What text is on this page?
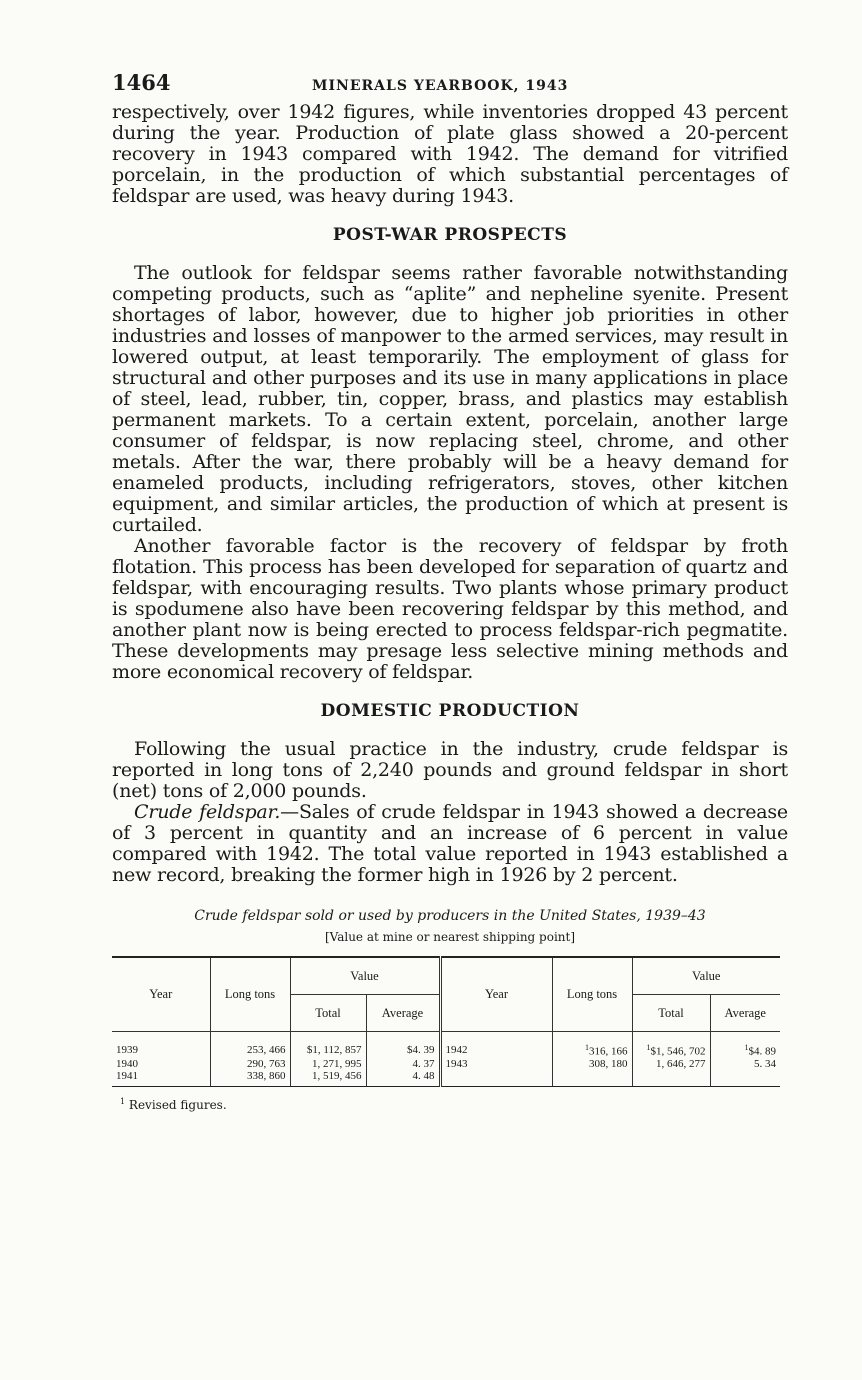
1464	MINERALS YEARBOOK, 1943

respectively, over 1942 figures, while inventories dropped 43 percent during the year. Production of plate glass showed a 20-percent recovery in 1943 compared with 1942. The demand for vitrified porcelain, in the production of which substantial percentages of feldspar are used, was heavy during 1943.

POST-WAR PROSPECTS

The outlook for feldspar seems rather favorable notwithstanding competing products, such as “aplite” and nepheline syenite. Present shortages of labor, however, due to higher job priorities in other industries and losses of manpower to the armed services, may result in lowered output, at least temporarily. The employment of glass for structural and other purposes and its use in many applications in place of steel, lead, rubber, tin, copper, brass, and plastics may establish permanent markets. To a certain extent, porcelain, another large consumer of feldspar, is now replacing steel, chrome, and other metals. After the war, there probably will be a heavy demand for enameled products, including refrigerators, stoves, other kitchen equipment, and similar articles, the production of which at present is curtailed.

Another favorable factor is the recovery of feldspar by froth flotation. This process has been developed for separation of quartz and feldspar, with encouraging results. Two plants whose primary product is spodumene also have been recovering feldspar by this method, and another plant now is being erected to process feldspar-rich pegmatite. These developments may presage less selective mining methods and more economical recovery of feldspar.

DOMESTIC PRODUCTION

Following the usual practice in the industry, crude feldspar is reported in long tons of 2,240 pounds and ground feldspar in short (net) tons of 2,000 pounds.

Crude feldspar.—Sales of crude feldspar in 1943 showed a decrease of 3 percent in quantity and an increase of 6 percent in value compared with 1942. The total value reported in 1943 established a new record, breaking the former high in 1926 by 2 percent.

Crude feldspar sold or used by producers in the United States, 1939–43
[Value at mine or nearest shipping point]
Year	Long tons	Value		Year	Long tons	Value	
		Total	Average			Total	Average
1939	253, 466	$1, 112, 857	$4. 39	1942	$^1$316, 166	$^1$\$1, 546, 702	$^1$\$4. 89
1940	290, 763	1, 271, 995	4. 37	1943	308, 180	1, 646, 277	5. 34
1941	338, 860	1, 519, 456	4. 48				
$^1$ Revised figures.
